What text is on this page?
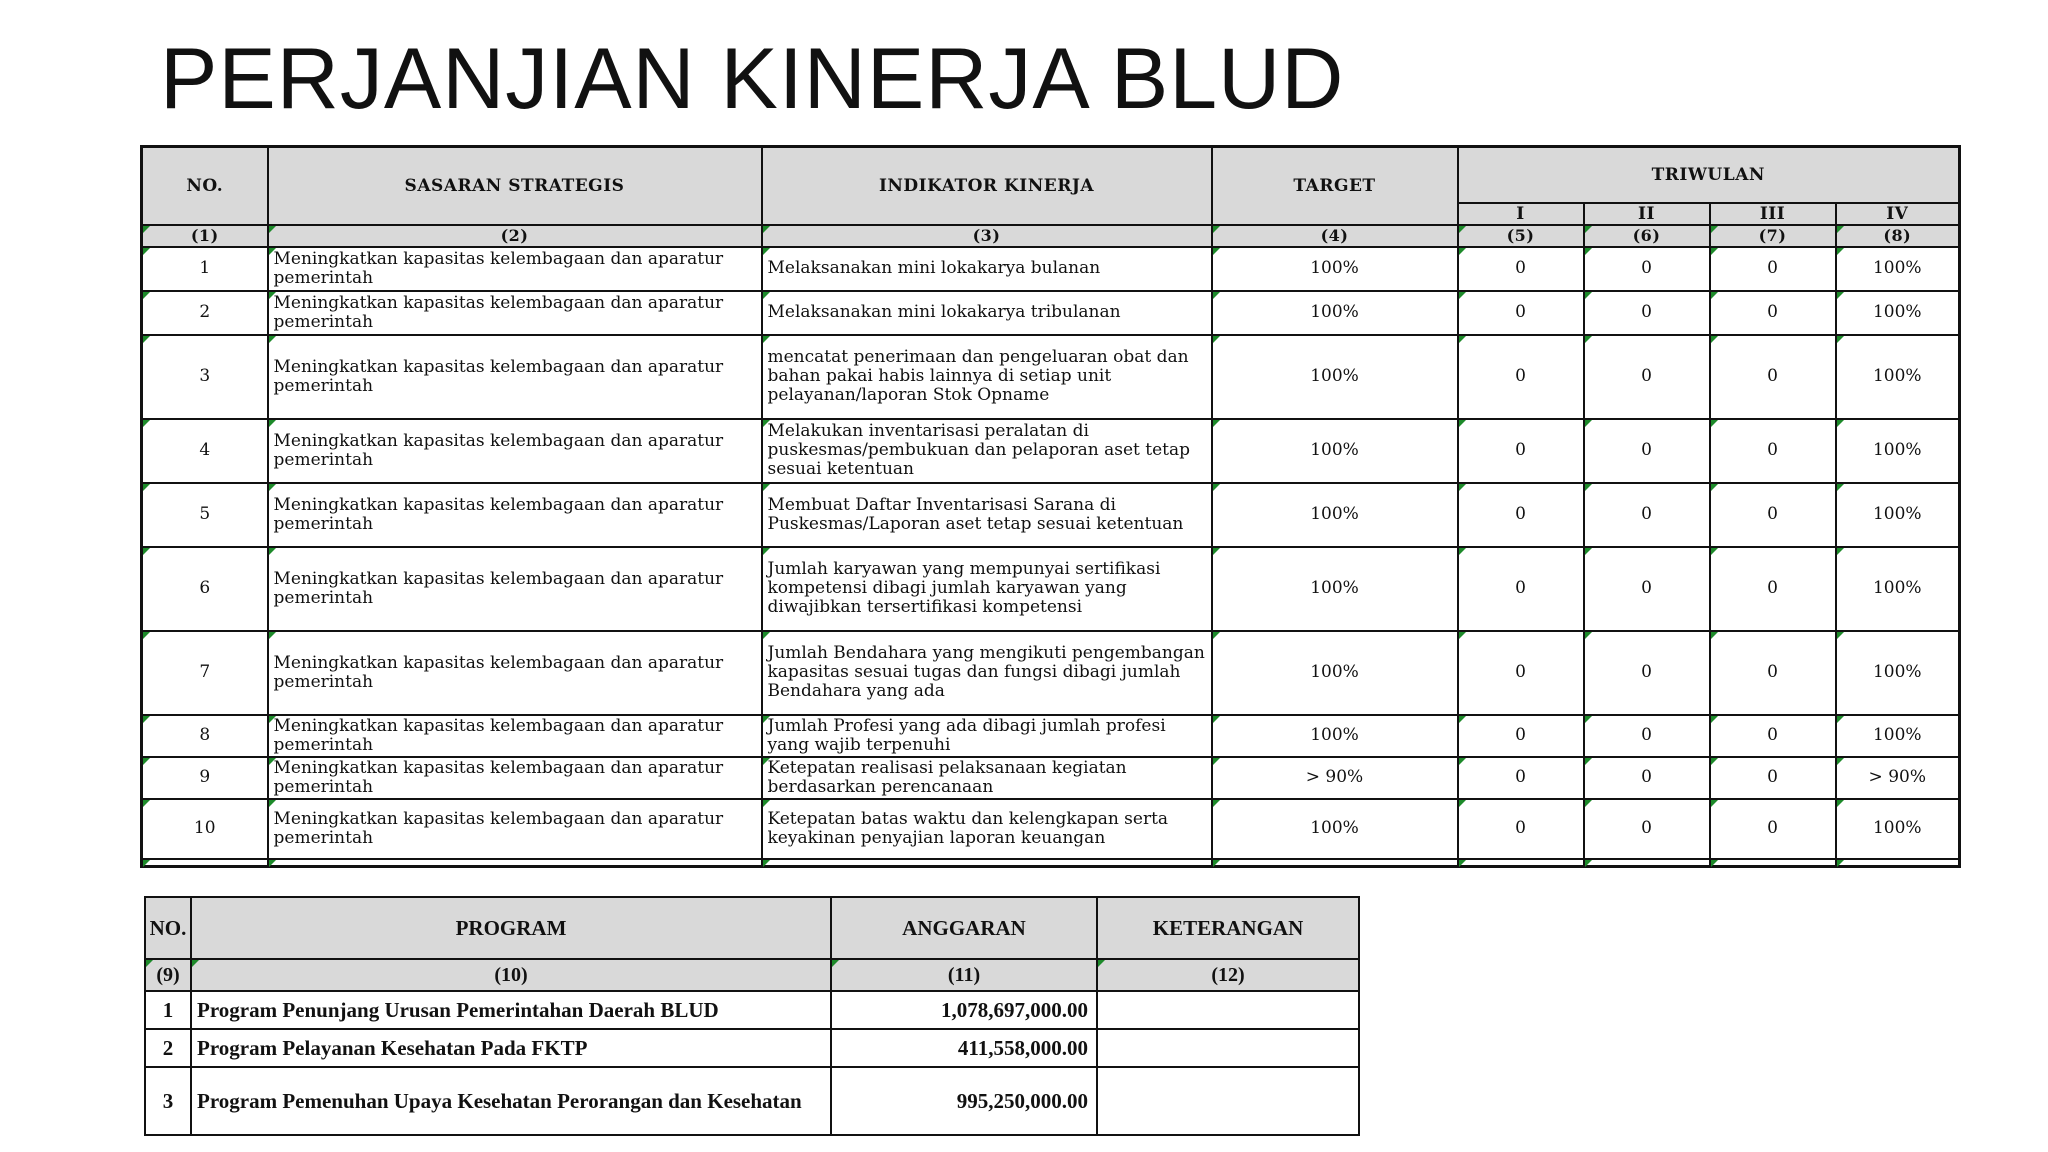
PERJANJIAN KINERJA BLUD
NO.	SASARAN STRATEGIS	INDIKATOR KINERJA	TARGET	TRIWULAN			
				I	II	III	IV
(1)	(2)	(3)	(4)	(5)	(6)	(7)	(8)
1	Meningkatkan kapasitas kelembagaan dan aparatur pemerintah	Melaksanakan mini lokakarya bulanan	100%	0	0	0	100%
2	Meningkatkan kapasitas kelembagaan dan aparatur pemerintah	Melaksanakan mini lokakarya tribulanan	100%	0	0	0	100%
3	Meningkatkan kapasitas kelembagaan dan aparatur pemerintah	mencatat penerimaan dan pengeluaran obat dan bahan pakai habis lainnya di setiap unit pelayanan/laporan Stok Opname	100%	0	0	0	100%
4	Meningkatkan kapasitas kelembagaan dan aparatur pemerintah	Melakukan inventarisasi peralatan di puskesmas/pembukuan dan pelaporan aset tetap sesuai ketentuan	100%	0	0	0	100%
5	Meningkatkan kapasitas kelembagaan dan aparatur pemerintah	Membuat Daftar Inventarisasi Sarana di Puskesmas/Laporan aset tetap sesuai ketentuan	100%	0	0	0	100%
6	Meningkatkan kapasitas kelembagaan dan aparatur pemerintah	Jumlah karyawan yang mempunyai sertifikasi kompetensi dibagi jumlah karyawan yang diwajibkan tersertifikasi kompetensi	100%	0	0	0	100%
7	Meningkatkan kapasitas kelembagaan dan aparatur pemerintah	Jumlah Bendahara yang mengikuti pengembangan kapasitas sesuai tugas dan fungsi dibagi jumlah Bendahara yang ada	100%	0	0	0	100%
8	Meningkatkan kapasitas kelembagaan dan aparatur pemerintah	Jumlah Profesi yang ada dibagi jumlah profesi yang wajib terpenuhi	100%	0	0	0	100%
9	Meningkatkan kapasitas kelembagaan dan aparatur pemerintah	Ketepatan realisasi pelaksanaan kegiatan berdasarkan perencanaan	> 90%	0	0	0	> 90%
10	Meningkatkan kapasitas kelembagaan dan aparatur pemerintah	Ketepatan batas waktu dan kelengkapan serta keyakinan penyajian laporan keuangan	100%	0	0	0	100%

NO.	PROGRAM	ANGGARAN	KETERANGAN
(9)	(10)	(11)	(12)
1	Program Penunjang Urusan Pemerintahan Daerah BLUD	1,078,697,000.00	
2	Program Pelayanan Kesehatan Pada FKTP	411,558,000.00	
3	Program Pemenuhan Upaya Kesehatan Perorangan dan Kesehatan	995,250,000.00	
